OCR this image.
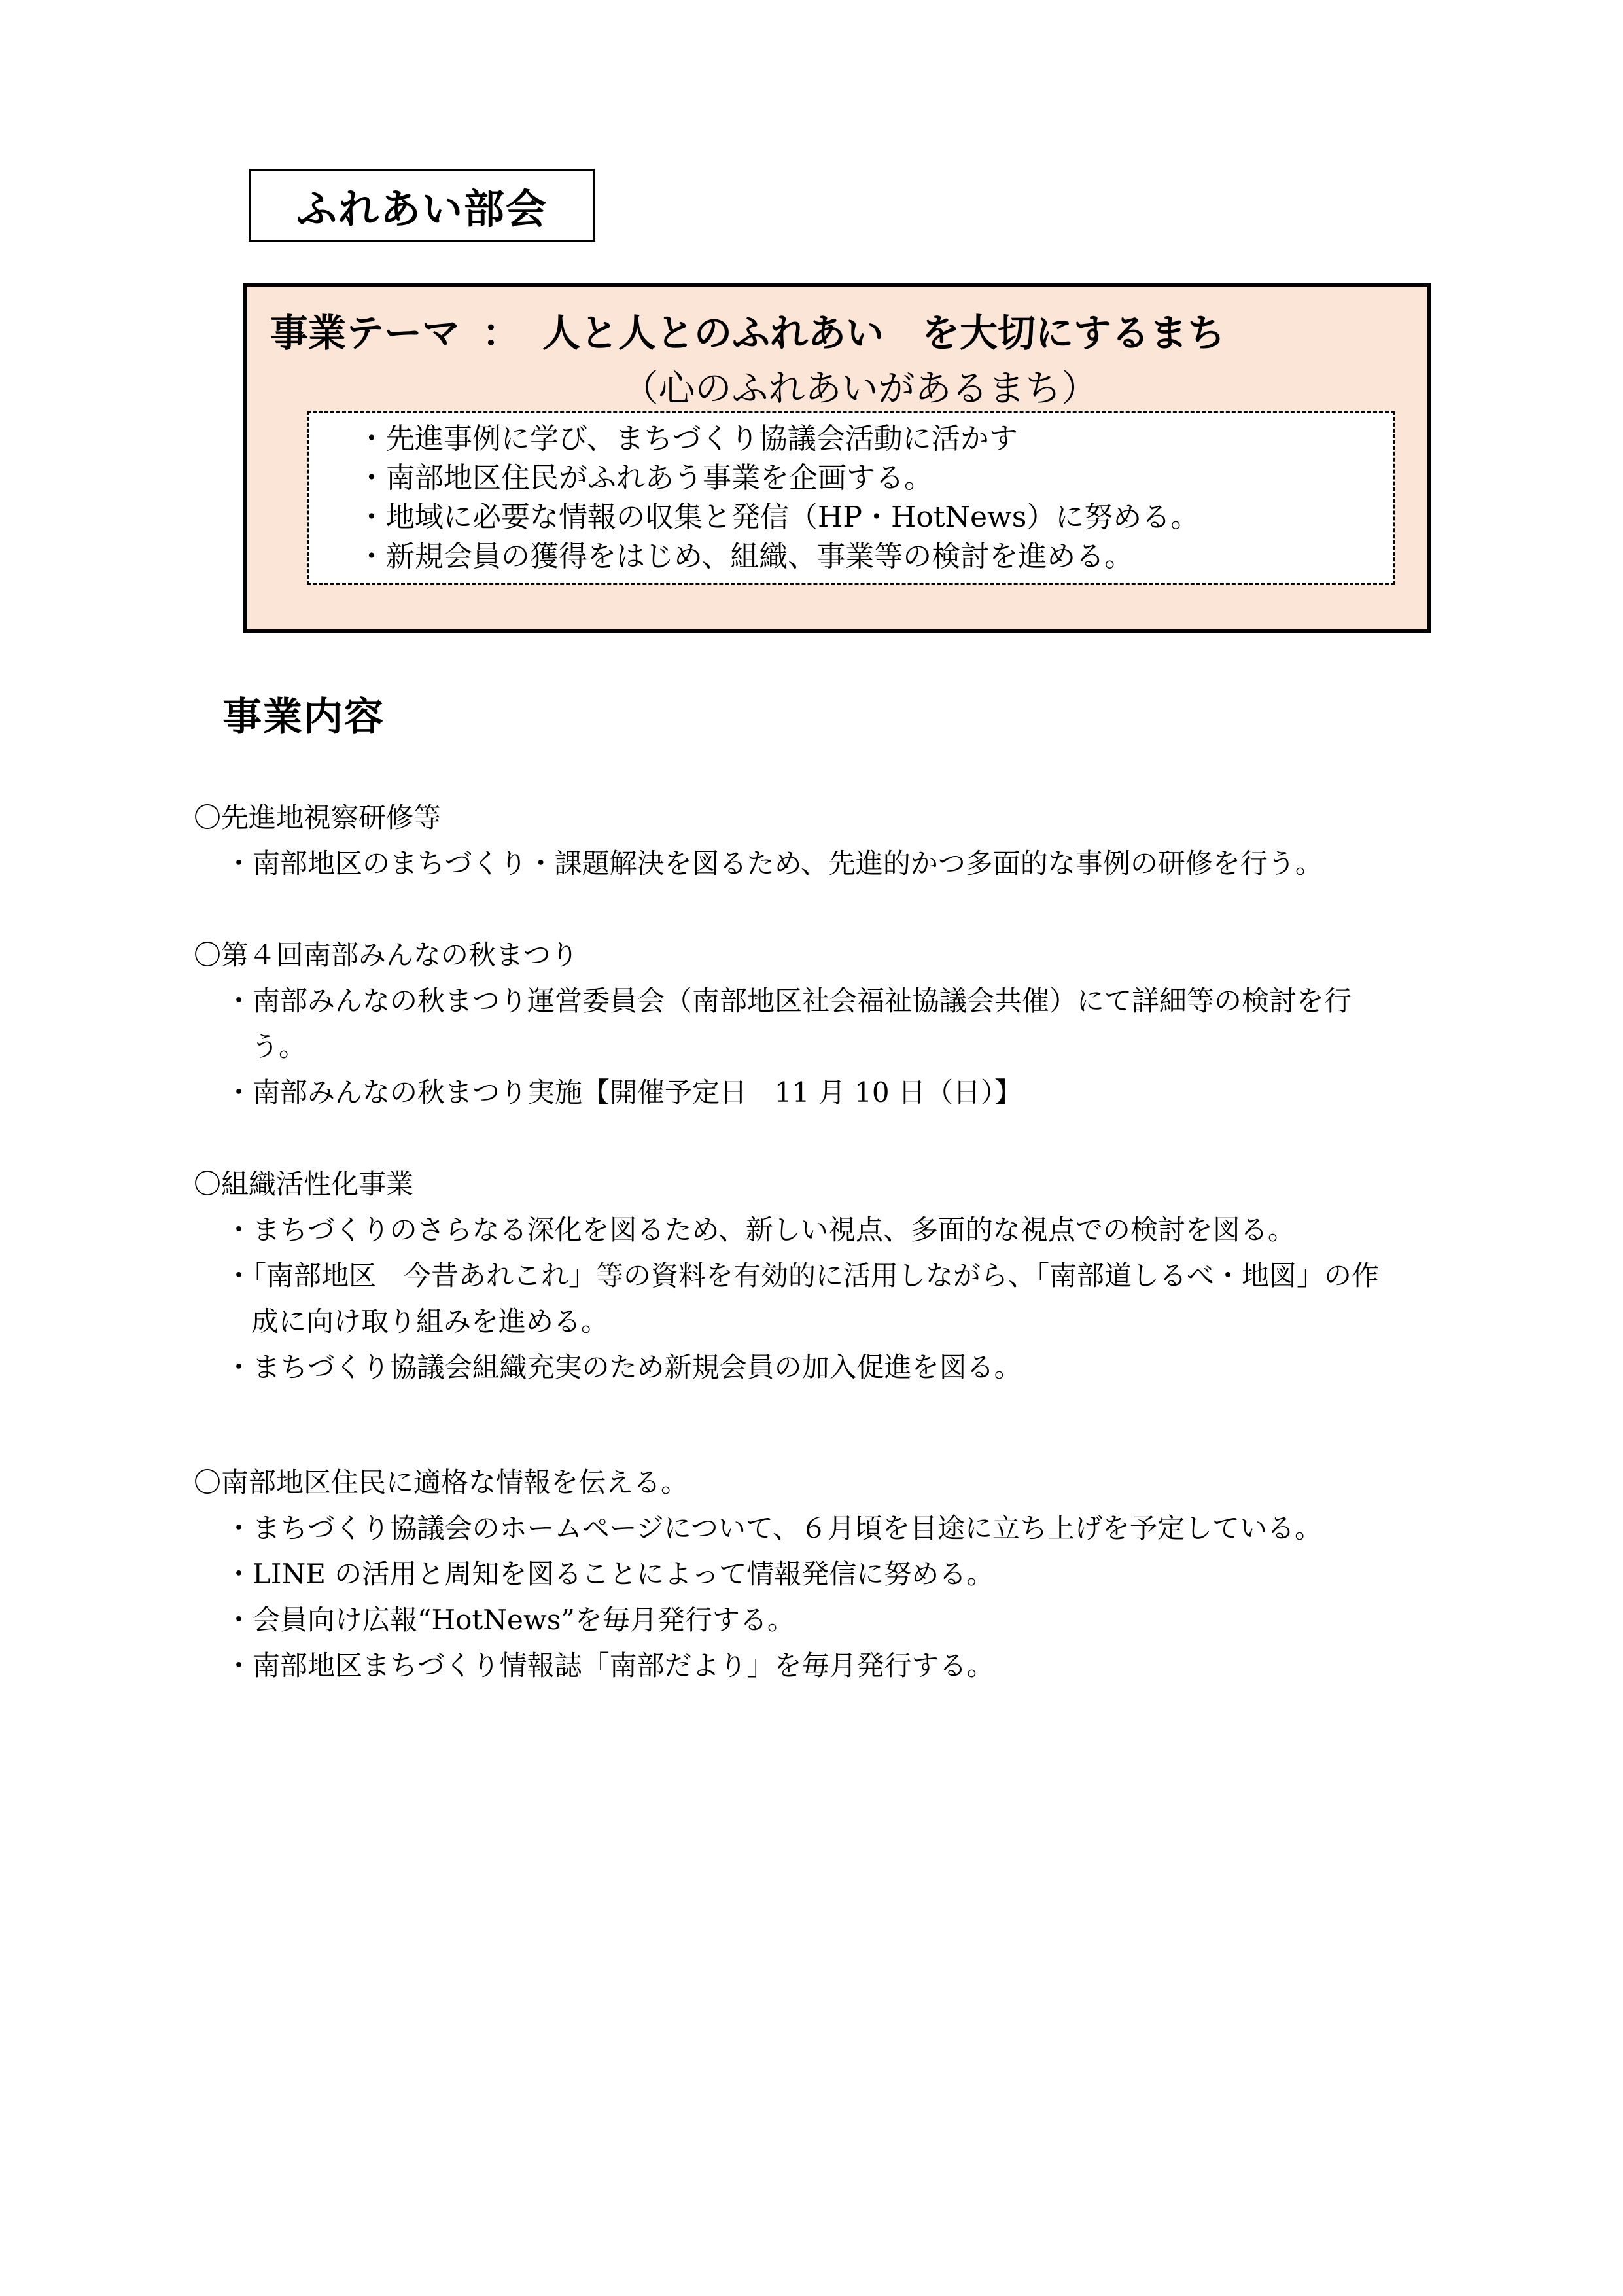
ふれあい部会
事業テーマ ： 人と人とのふれあい　を大切にするまち
（心のふれあいがあるまち）
・先進事例に学び、まちづくり協議会活動に活かす
・南部地区住民がふれあう事業を企画する。
・地域に必要な情報の収集と発信（HP・HotNews）に努める。
・新規会員の獲得をはじめ、組織、事業等の検討を進める。
事業内容
〇先進地視察研修等
・南部地区のまちづくり・課題解決を図るため、先進的かつ多面的な事例の研修を行う。
〇第４回南部みんなの秋まつり
・南部みんなの秋まつり運営委員会（南部地区社会福祉協議会共催）にて詳細等の検討を行う。
・南部みんなの秋まつり実施【開催予定日　11 月 10 日（日）】
〇組織活性化事業
・まちづくりのさらなる深化を図るため、新しい視点、多面的な視点での検討を図る。
・「南部地区　今昔あれこれ」等の資料を有効的に活用しながら、「南部道しるべ・地図」の作成に向け取り組みを進める。
・まちづくり協議会組織充実のため新規会員の加入促進を図る。
〇南部地区住民に適格な情報を伝える。
・まちづくり協議会のホームページについて、６月頃を目途に立ち上げを予定している。
・LINE の活用と周知を図ることによって情報発信に努める。
・会員向け広報“HotNews”を毎月発行する。
・南部地区まちづくり情報誌「南部だより」を毎月発行する。
